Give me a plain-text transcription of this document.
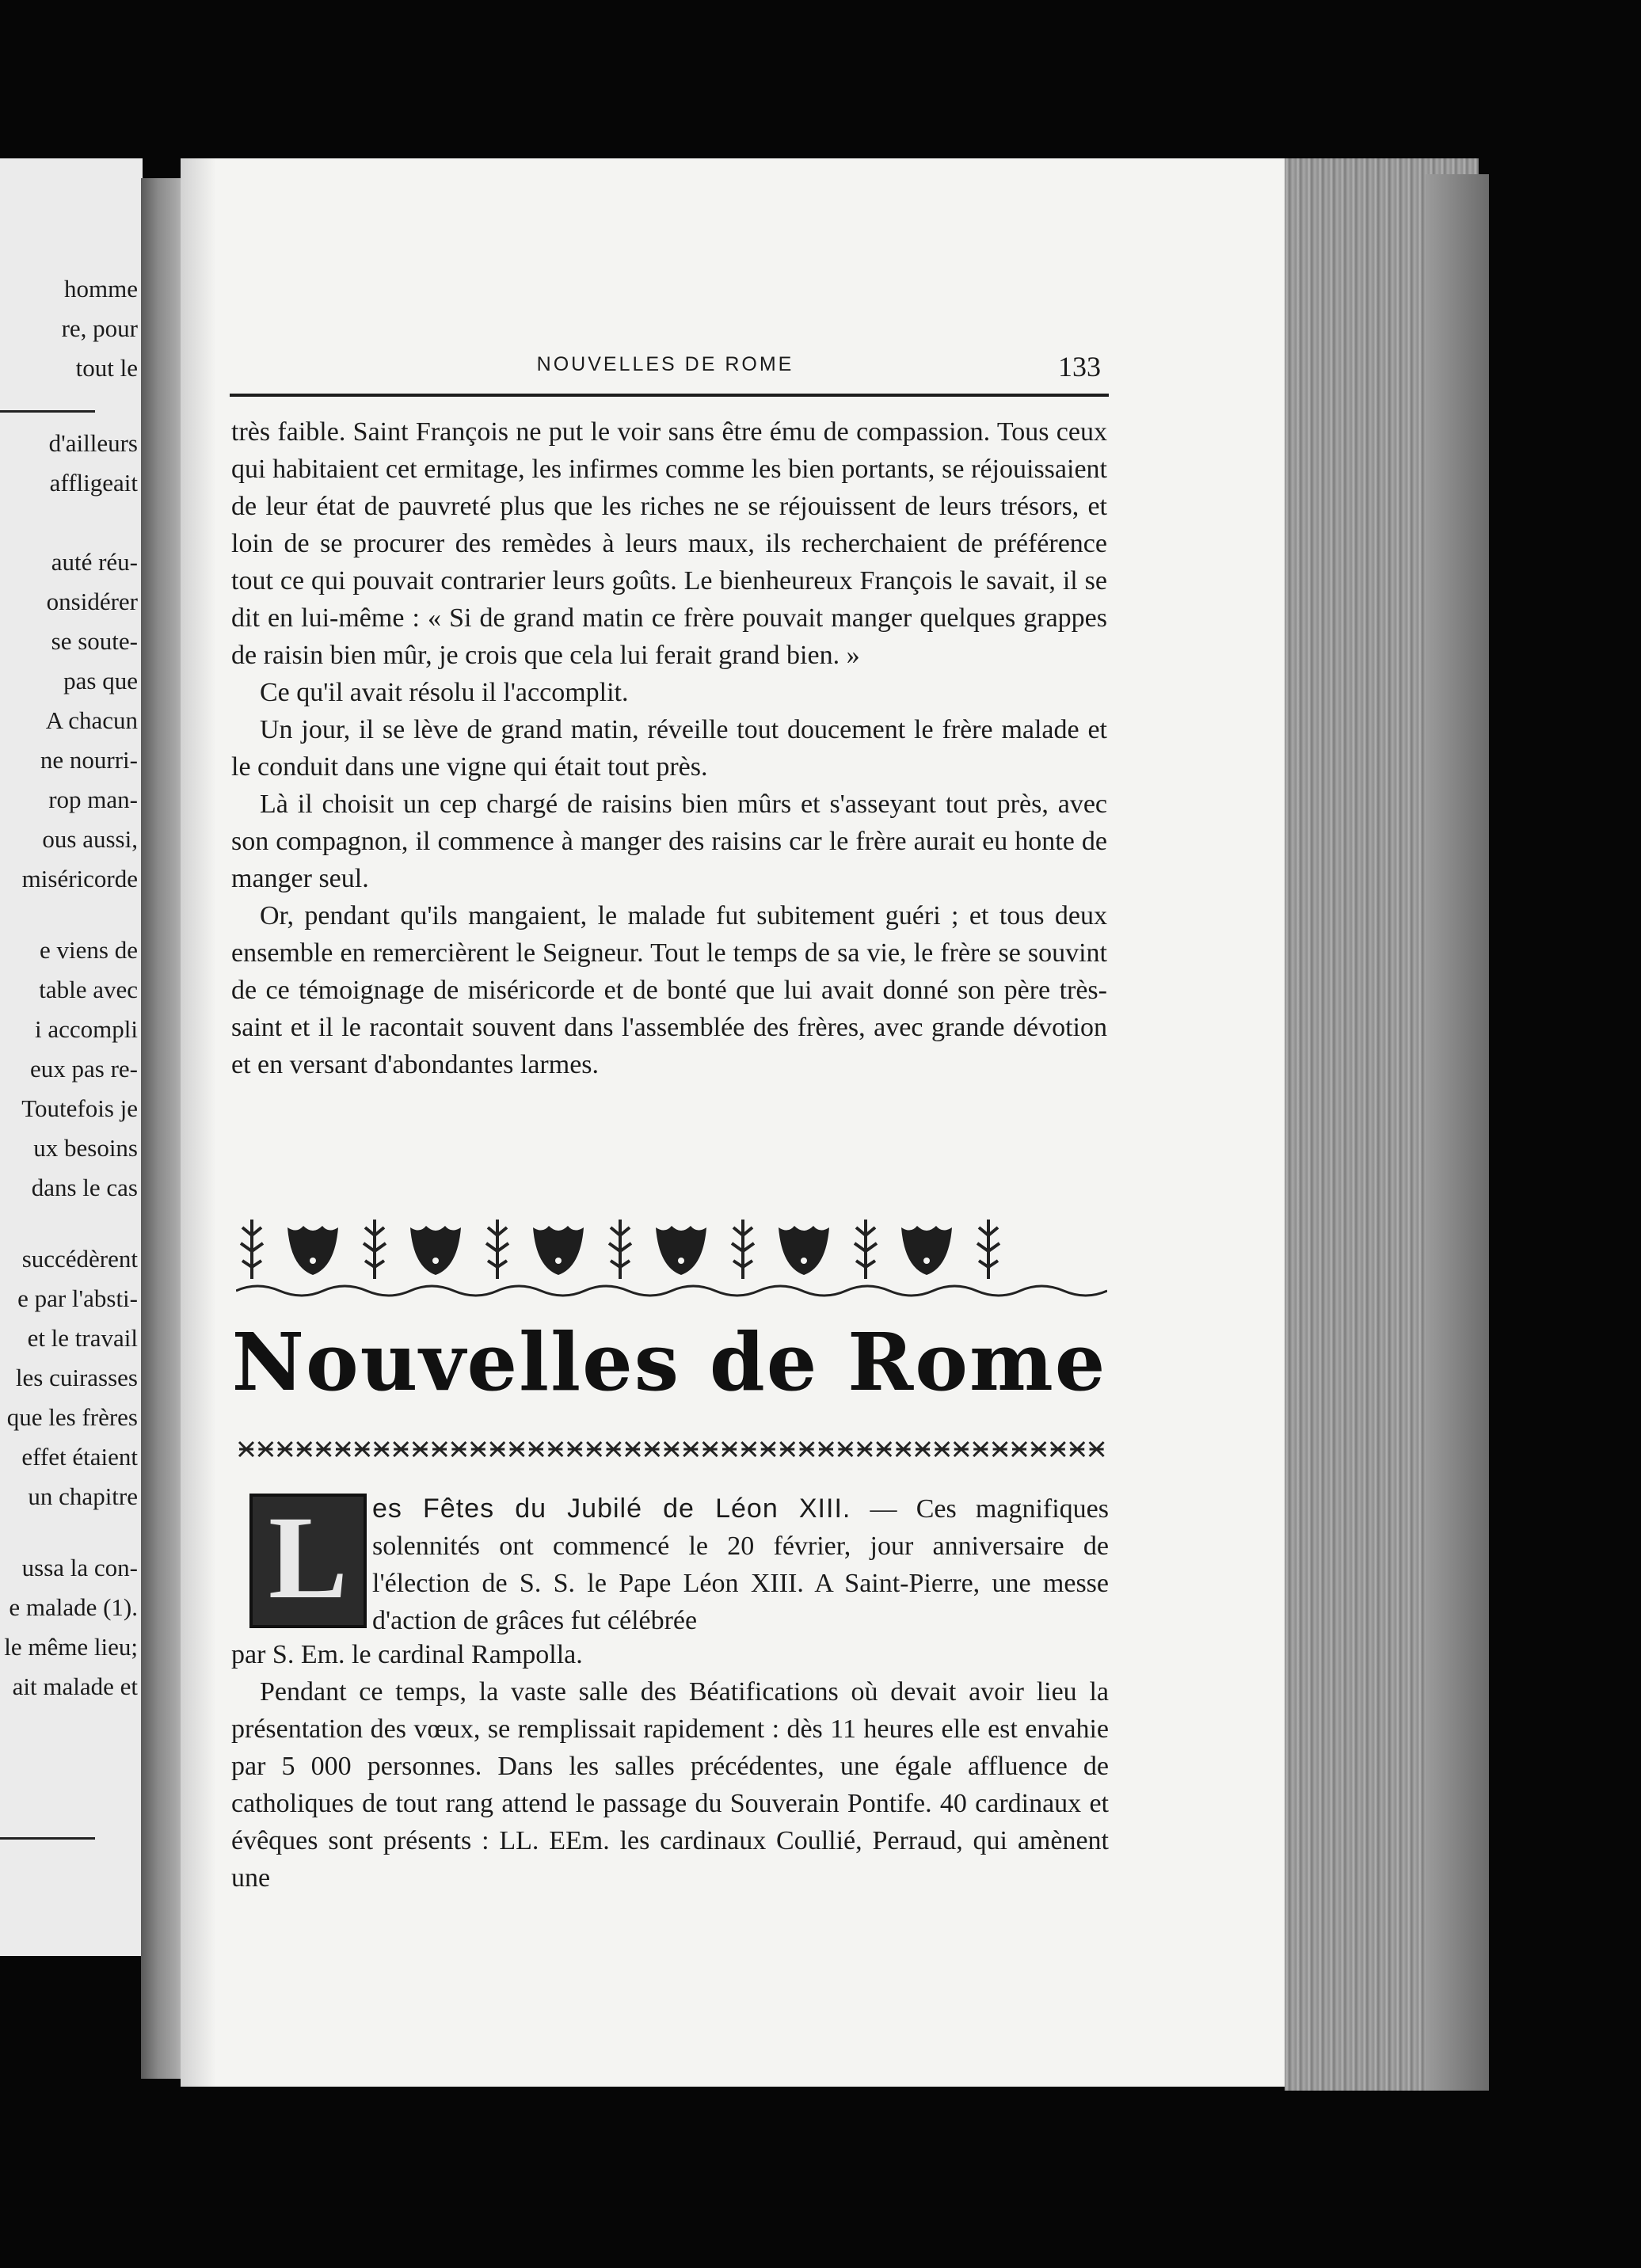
homme
re, pour
tout le
d'ailleurs
affligeait
auté réu-
onsidérer
se soute-
pas que
A chacun
ne nourri-
rop man-
ous aussi,
miséricorde
e viens de
table avec
i accompli
eux pas re-
Toutefois je
ux besoins
dans le cas
succédèrent
e par l'absti-
et le travail
les cuirasses
que les frères
effet étaient
un chapitre
ussa la con-
e malade (1).
le même lieu;
ait malade et
NOUVELLES DE ROME	133

très faible. Saint François ne put le voir sans être ému de compassion. Tous ceux qui habitaient cet ermitage, les infirmes comme les bien portants, se réjouissaient de leur état de pauvreté plus que les riches ne se réjouissent de leurs trésors, et loin de se procurer des remèdes à leurs maux, ils recherchaient de préférence tout ce qui pouvait contrarier leurs goûts. Le bienheureux François le savait, il se dit en lui-même : « Si de grand matin ce frère pouvait manger quelques grappes de raisin bien mûr, je crois que cela lui ferait grand bien. »

Ce qu'il avait résolu il l'accomplit.

Un jour, il se lève de grand matin, réveille tout doucement le frère malade et le conduit dans une vigne qui était tout près.

Là il choisit un cep chargé de raisins bien mûrs et s'asseyant tout près, avec son compagnon, il commence à manger des raisins car le frère aurait eu honte de manger seul.

Or, pendant qu'ils mangaient, le malade fut subitement guéri ; et tous deux ensemble en remercièrent le Seigneur. Tout le temps de sa vie, le frère se souvint de ce témoignage de miséricorde et de bonté que lui avait donné son père très-saint et il le racontait souvent dans l'assemblée des frères, avec grande dévotion et en versant d'abondantes larmes.

Nouvelles de Rome
L es Fêtes du Jubilé de Léon XIII. — Ces magnifiques solennités ont commencé le 20 février, jour anniversaire de l'élection de S. S. le Pape Léon XIII. A Saint-Pierre, une messe d'action de grâces fut célébrée

par S. Em. le cardinal Rampolla.

Pendant ce temps, la vaste salle des Béatifications où devait avoir lieu la présentation des vœux, se remplissait rapidement : dès 11 heures elle est envahie par 5 000 personnes. Dans les salles précédentes, une égale affluence de catholiques de tout rang attend le passage du Souverain Pontife. 40 cardinaux et évêques sont présents : LL. EEm. les cardinaux Coullié, Perraud, qui amènent une
